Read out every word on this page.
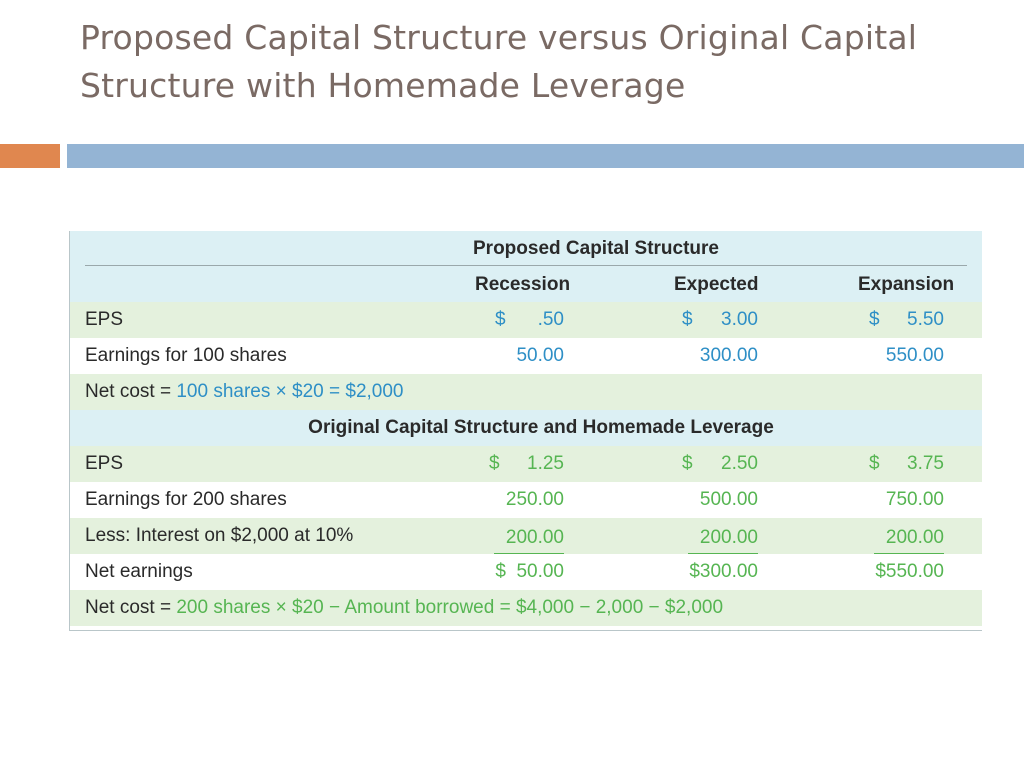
Proposed Capital Structure versus Original Capital
Structure with Homemade Leverage
Proposed Capital Structure
Recession	Expected	Expansion
EPS	$	.50	$	3.00	$	5.50
Earnings for 100 shares	50.00	300.00	550.00
Net cost = 100 shares × $20 = $2,000
Original Capital Structure and Homemade Leverage
EPS	$	1.25	$	2.50	$	3.75
Earnings for 200 shares	250.00	500.00	750.00
Less: Interest on $2,000 at 10%	200.00	200.00	200.00
Net earnings	$  50.00	$300.00	$550.00
Net cost = 200 shares × $20 − Amount borrowed = $4,000 − 2,000 − $2,000
